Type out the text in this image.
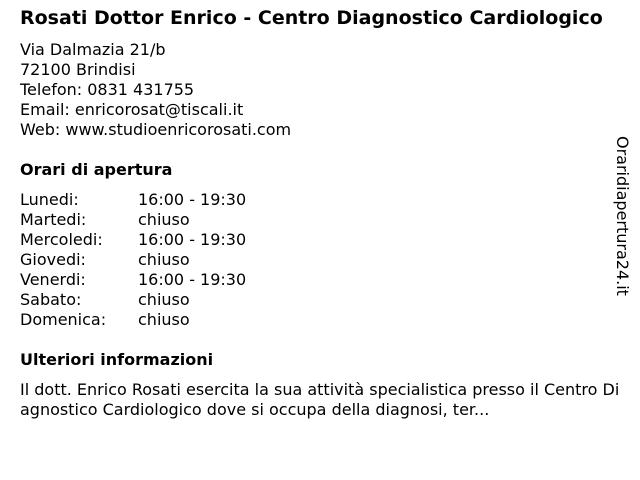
Rosati Dottor Enrico - Centro Diagnostico Cardiologico
Via Dalmazia 21/b
72100 Brindisi
Telefon: 0831 431755
Email: enricorosat@tiscali.it
Web: www.studioenricorosati.com
Orari di apertura
Lunedi:	16:00 - 19:30
Martedi:	chiuso
Mercoledi:	16:00 - 19:30
Giovedi:	chiuso
Venerdi:	16:00 - 19:30
Sabato:	chiuso
Domenica:	chiuso
Ulteriori informazioni
Il dott. Enrico Rosati esercita la sua attività specialistica presso il Centro Diagnostico Cardiologico dove si occupa della diagnosi, ter...
Oraridiapertura24.it
